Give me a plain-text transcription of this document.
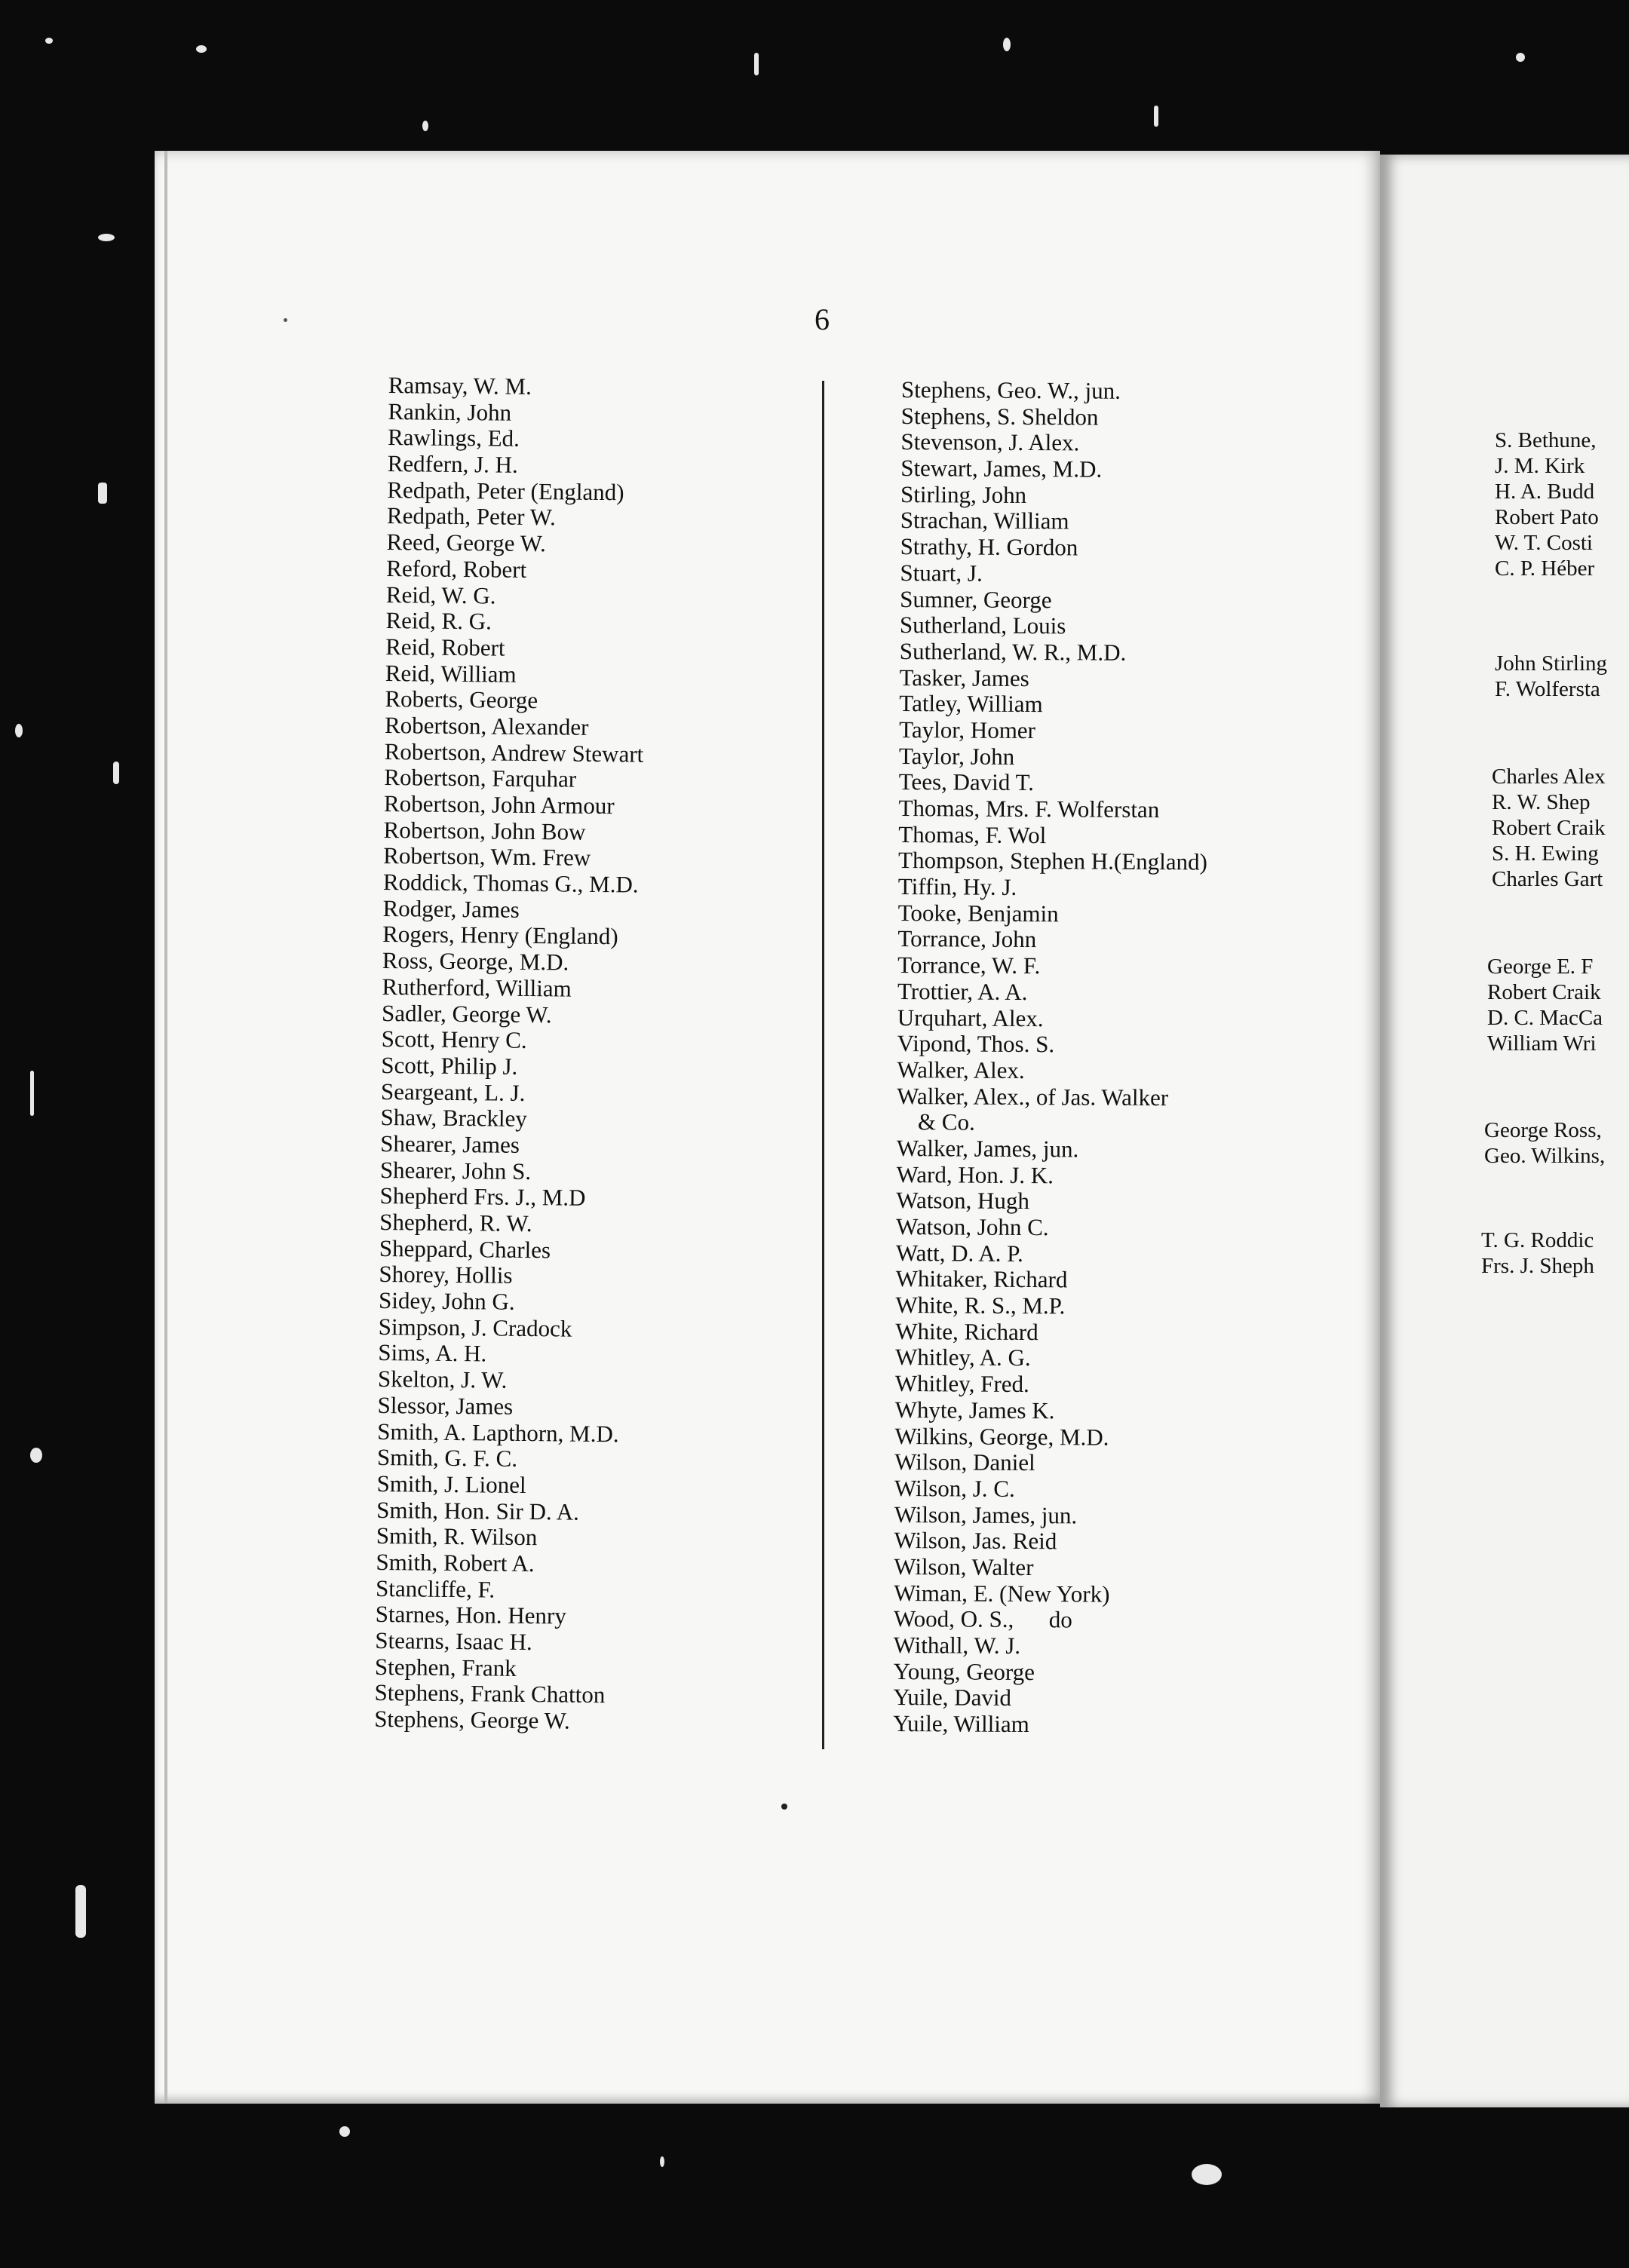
6
Ramsay, W. M.
Rankin, John
Rawlings, Ed.
Redfern, J. H.
Redpath, Peter (England)
Redpath, Peter W.
Reed, George W.
Reford, Robert
Reid, W. G.
Reid, R. G.
Reid, Robert
Reid, William
Roberts, George
Robertson, Alexander
Robertson, Andrew Stewart
Robertson, Farquhar
Robertson, John Armour
Robertson, John Bow
Robertson, Wm. Frew
Roddick, Thomas G., M.D.
Rodger, James
Rogers, Henry (England)
Ross, George, M.D.
Rutherford, William
Sadler, George W.
Scott, Henry C.
Scott, Philip J.
Seargeant, L. J.
Shaw, Brackley
Shearer, James
Shearer, John S.
Shepherd Frs. J., M.D
Shepherd, R. W.
Sheppard, Charles
Shorey, Hollis
Sidey, John G.
Simpson, J. Cradock
Sims, A. H.
Skelton, J. W.
Slessor, James
Smith, A. Lapthorn, M.D.
Smith, G. F. C.
Smith, J. Lionel
Smith, Hon. Sir D. A.
Smith, R. Wilson
Smith, Robert A.
Stancliffe, F.
Starnes, Hon. Henry
Stearns, Isaac H.
Stephen, Frank
Stephens, Frank Chatton
Stephens, George W.
Stephens, Geo. W., jun.
Stephens, S. Sheldon
Stevenson, J. Alex.
Stewart, James, M.D.
Stirling, John
Strachan, William
Strathy, H. Gordon
Stuart, J.
Sumner, George
Sutherland, Louis
Sutherland, W. R., M.D.
Tasker, James
Tatley, William
Taylor, Homer
Taylor, John
Tees, David T.
Thomas, Mrs. F. Wolferstan
Thomas, F. Wol
Thompson, Stephen H.(England)
Tiffin, Hy. J.
Tooke, Benjamin
Torrance, John
Torrance, W. F.
Trottier, A. A.
Urquhart, Alex.
Vipond, Thos. S.
Walker, Alex.
Walker, Alex., of Jas. Walker
& Co.
Walker, James, jun.
Ward, Hon. J. K.
Watson, Hugh
Watson, John C.
Watt, D. A. P.
Whitaker, Richard
White, R. S., M.P.
White, Richard
Whitley, A. G.
Whitley, Fred.
Whyte, James K.
Wilkins, George, M.D.
Wilson, Daniel
Wilson, J. C.
Wilson, James, jun.
Wilson, Jas. Reid
Wilson, Walter
Wiman, E. (New York)
Wood, O. S.,      do
Withall, W. J.
Young, George
Yuile, David
Yuile, William
S. Bethune,
J. M. Kirk
H. A. Budd
Robert Pato
W. T. Costi
C. P. Héber
John Stirling
F. Wolfersta
Charles Alex
R. W. Shep
Robert Craik
S. H. Ewing
Charles Gart
George E. F
Robert Craik
D. C. MacCa
William Wri
George Ross,
Geo. Wilkins,
T. G. Roddic
Frs. J. Sheph
